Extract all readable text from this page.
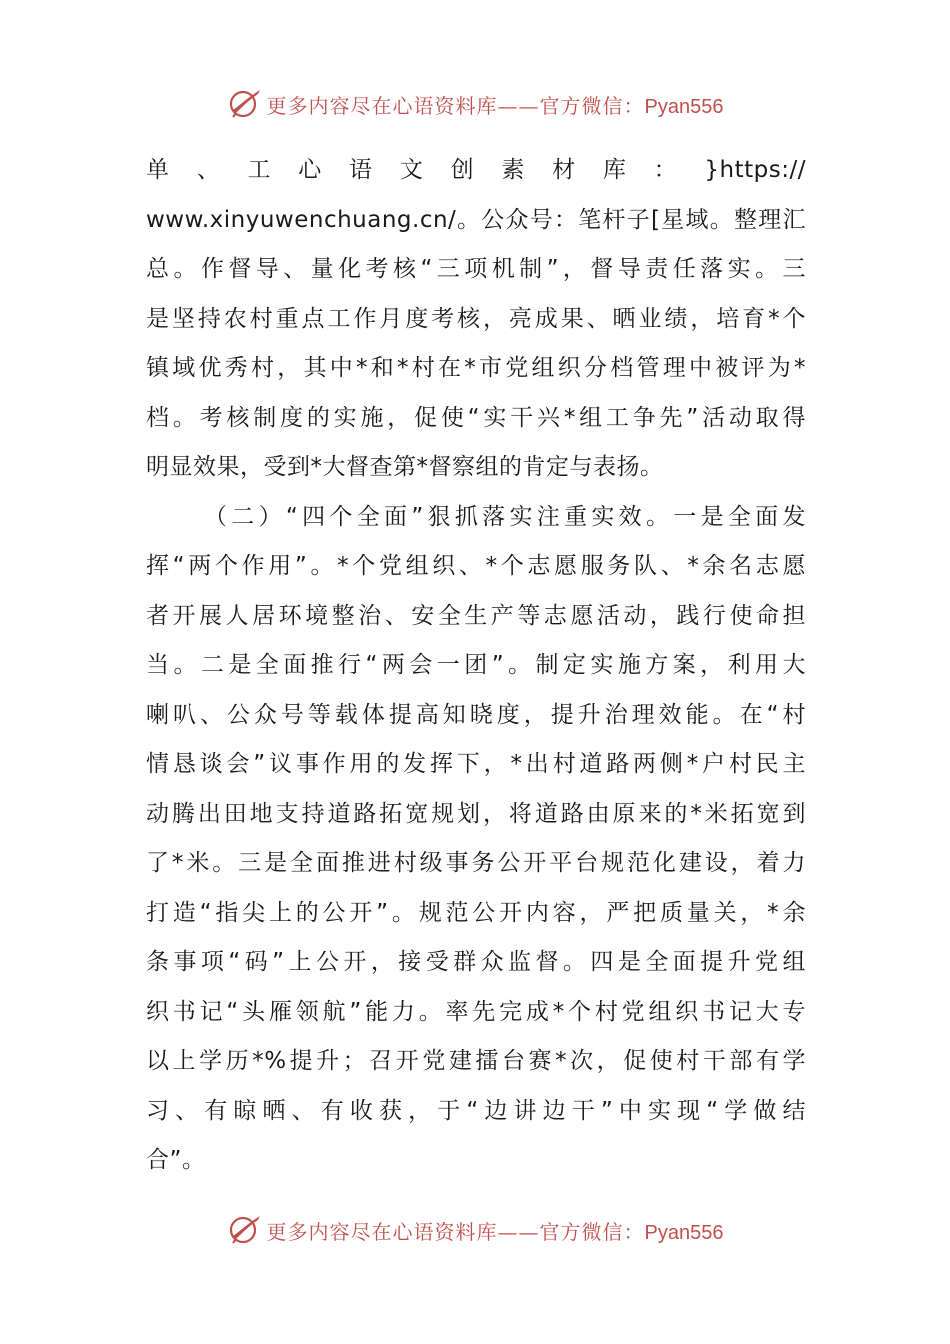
更多内容尽在心语资料库——官方微信：Pyan556
单 、 工 心 语 文 创 素 材 库 ： }https://
www.xinyuwenchuang.cn/。公众号：笔杆子[星域。整理汇
总。作督导、量化考核“三项机制”，督导责任落实。三
是坚持农村重点工作月度考核，亮成果、晒业绩，培育*个
镇域优秀村，其中*和*村在*市党组织分档管理中被评为*
档。考核制度的实施，促使“实干兴*组工争先”活动取得
明显效果，受到*大督查第*督察组的肯定与表扬。
（二）“四个全面”狠抓落实注重实效。一是全面发
挥“两个作用”。*个党组织、*个志愿服务队、*余名志愿
者开展人居环境整治、安全生产等志愿活动，践行使命担
当。二是全面推行“两会一团”。制定实施方案，利用大
喇叭、公众号等载体提高知晓度，提升治理效能。在“村
情恳谈会”议事作用的发挥下，*出村道路两侧*户村民主
动腾出田地支持道路拓宽规划，将道路由原来的*米拓宽到
了*米。三是全面推进村级事务公开平台规范化建设，着力
打造“指尖上的公开”。规范公开内容，严把质量关，*余
条事项“码”上公开，接受群众监督。四是全面提升党组
织书记“头雁领航”能力。率先完成*个村党组织书记大专
以上学历*%提升；召开党建擂台赛*次，促使村干部有学
习、有晾晒、有收获，于“边讲边干”中实现“学做结
合”。
更多内容尽在心语资料库——官方微信：Pyan556
